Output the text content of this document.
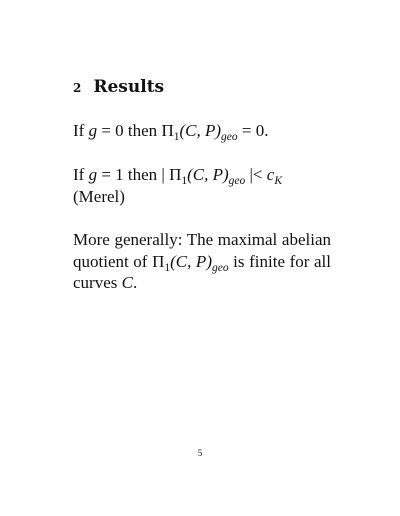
2 Results
If g = 0 then $\Pi_1(C$, $P)_{geo} = 0$.
If g = 1 then | $\Pi_1(C$, $P)_{geo}$ |< $c_K$
(Merel)
More generally: The maximal abelian
quotient of $\Pi_1(C$, $P)_{geo}$ is finite for all
curves C.
5
